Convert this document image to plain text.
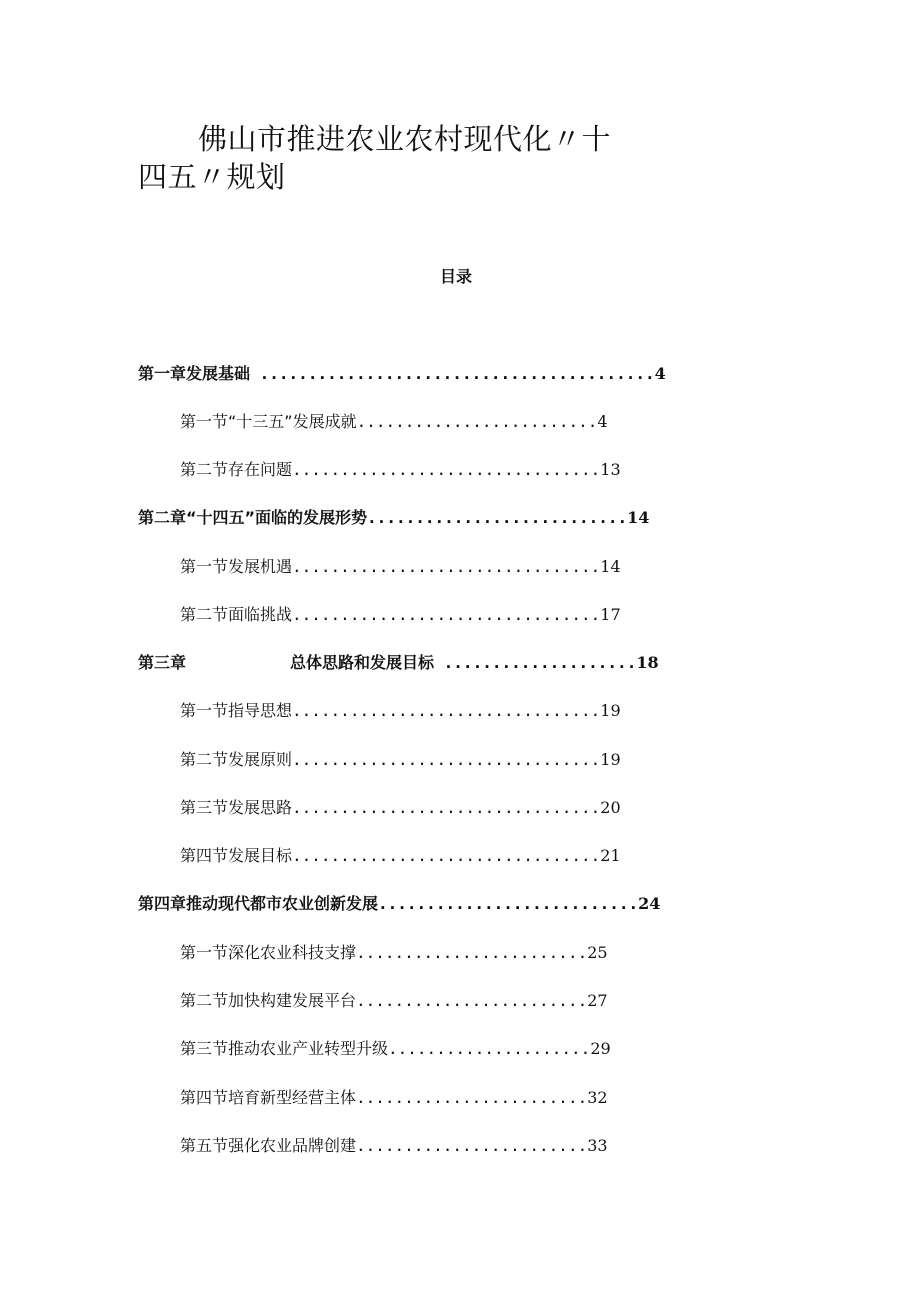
佛山市推进农业农村现代化〃十四五〃规划
目录
第一章发展基础 .........................................4
第一节“十三五”发展成就.........................4
第二节存在问题................................13
第二章“十四五”面临的发展形势...........................14
第一节发展机遇................................14
第二节面临挑战................................17
第三章	总体思路和发展目标 ....................18
第一节指导思想................................19
第二节发展原则................................19
第三节发展思路................................20
第四节发展目标................................21
第四章推动现代都市农业创新发展...........................24
第一节深化农业科技支撑........................25
第二节加快构建发展平台........................27
第三节推动农业产业转型升级.....................29
第四节培育新型经营主体........................32
第五节强化农业品牌创建........................33
